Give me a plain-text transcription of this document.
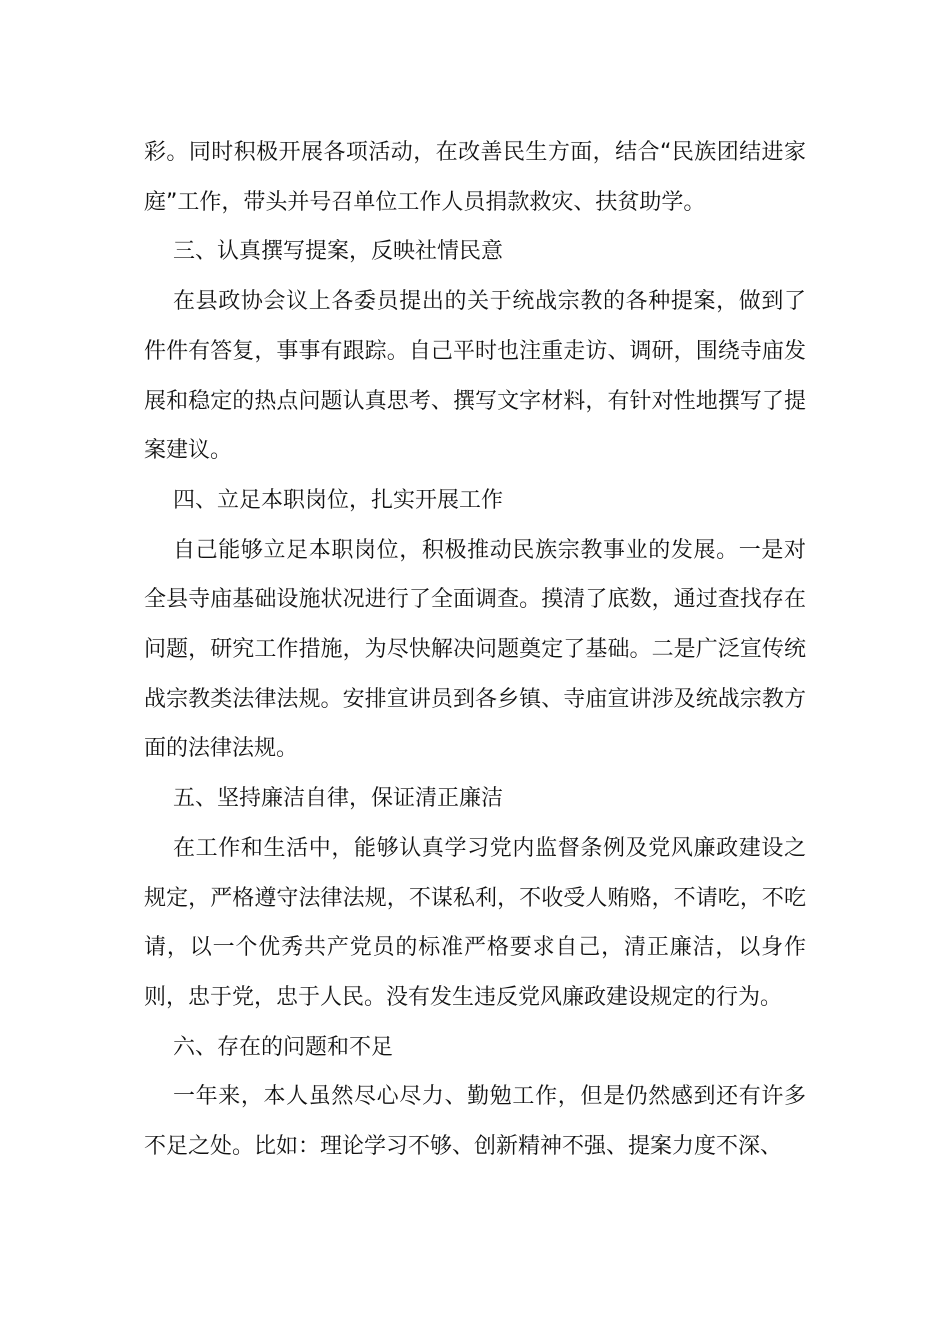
彩。同时积极开展各项活动，在改善民生方面，结合“民族团结进家庭”工作，带头并号召单位工作人员捐款救灾、扶贫助学。

三、认真撰写提案，反映社情民意

在县政协会议上各委员提出的关于统战宗教的各种提案，做到了件件有答复，事事有跟踪。自己平时也注重走访、调研，围绕寺庙发展和稳定的热点问题认真思考、撰写文字材料，有针对性地撰写了提案建议。

四、立足本职岗位，扎实开展工作

自己能够立足本职岗位，积极推动民族宗教事业的发展。一是对全县寺庙基础设施状况进行了全面调查。摸清了底数，通过查找存在问题，研究工作措施，为尽快解决问题奠定了基础。二是广泛宣传统战宗教类法律法规。安排宣讲员到各乡镇、寺庙宣讲涉及统战宗教方面的法律法规。

五、坚持廉洁自律，保证清正廉洁

在工作和生活中，能够认真学习党内监督条例及党风廉政建设之规定，严格遵守法律法规，不谋私利，不收受人贿赂，不请吃，不吃请，以一个优秀共产党员的标准严格要求自己，清正廉洁，以身作则，忠于党，忠于人民。没有发生违反党风廉政建设规定的行为。

六、存在的问题和不足

一年来，本人虽然尽心尽力、勤勉工作，但是仍然感到还有许多不足之处。比如：理论学习不够、创新精神不强、提案力度不深、
